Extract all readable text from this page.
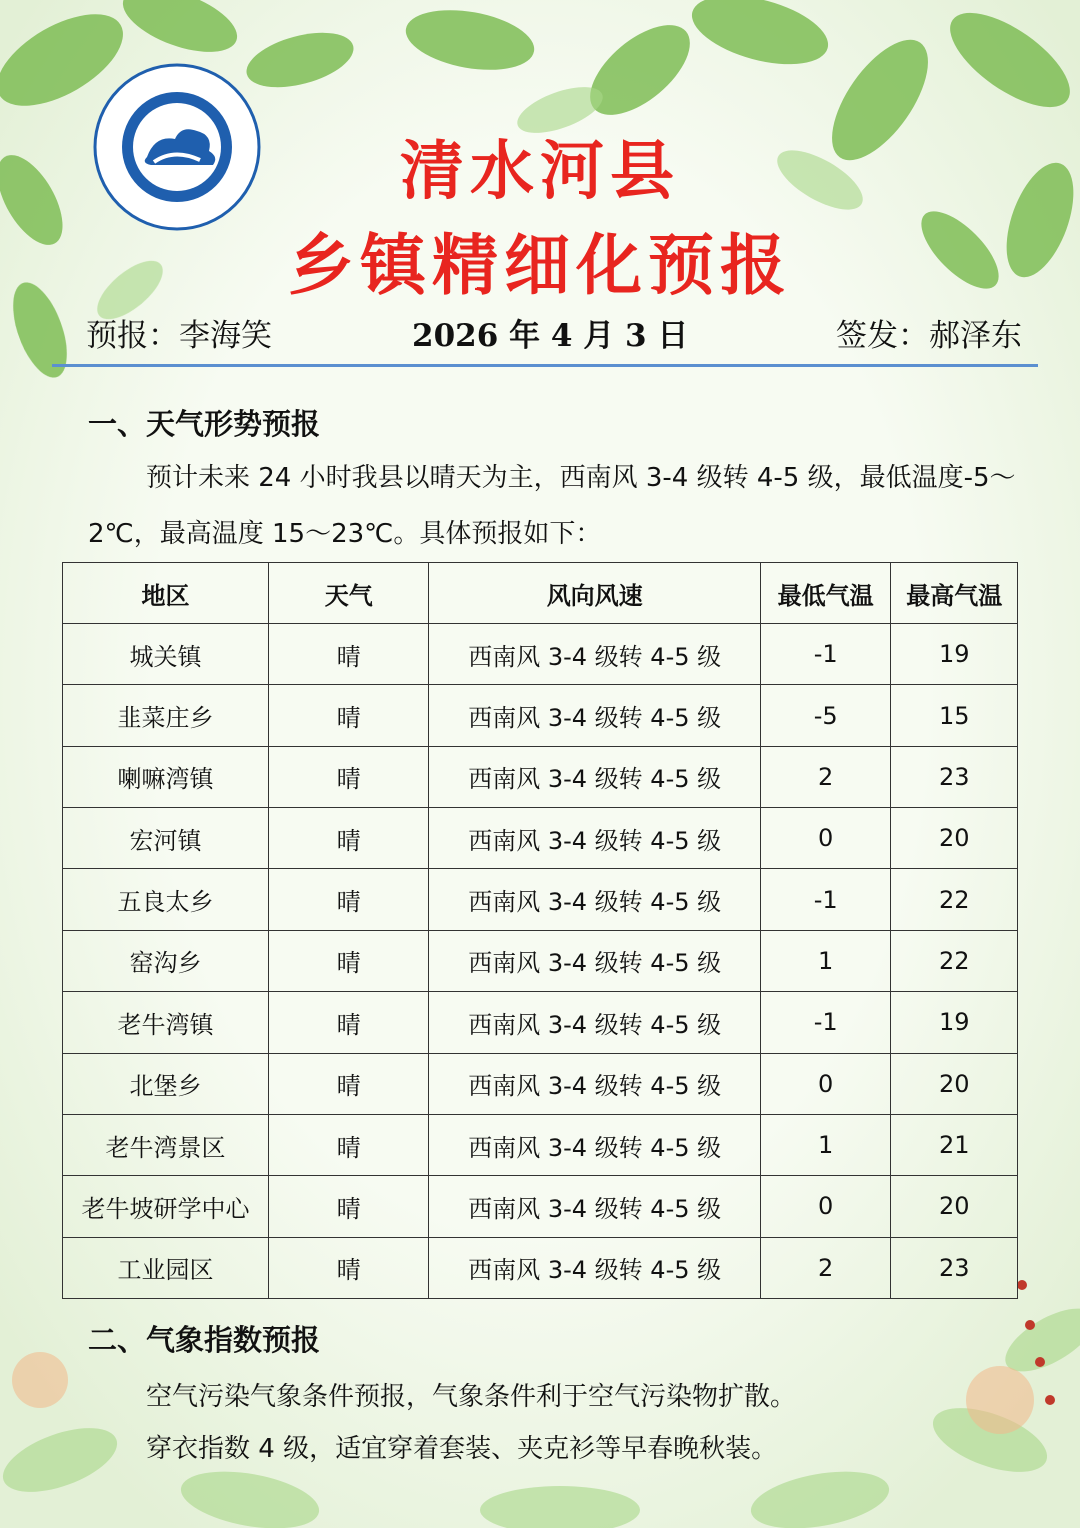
清水河县
乡镇精细化预报
预报：李海笑	2026 年 4 月 3 日	签发：郝泽东
一、天气形势预报
预计未来 24 小时我县以晴天为主，西南风 3-4 级转 4-5 级，最低温度-5～2℃，最高温度 15～23℃。具体预报如下：
地区	天气	风向风速	最低气温	最高气温
城关镇	晴	西南风 3-4 级转 4-5 级	-1	19
韭菜庄乡	晴	西南风 3-4 级转 4-5 级	-5	15
喇嘛湾镇	晴	西南风 3-4 级转 4-5 级	2	23
宏河镇	晴	西南风 3-4 级转 4-5 级	0	20
五良太乡	晴	西南风 3-4 级转 4-5 级	-1	22
窑沟乡	晴	西南风 3-4 级转 4-5 级	1	22
老牛湾镇	晴	西南风 3-4 级转 4-5 级	-1	19
北堡乡	晴	西南风 3-4 级转 4-5 级	0	20
老牛湾景区	晴	西南风 3-4 级转 4-5 级	1	21
老牛坡研学中心	晴	西南风 3-4 级转 4-5 级	0	20
工业园区	晴	西南风 3-4 级转 4-5 级	2	23
二、气象指数预报
空气污染气象条件预报，气象条件利于空气污染物扩散。
穿衣指数 4 级，适宜穿着套装、夹克衫等早春晚秋装。
